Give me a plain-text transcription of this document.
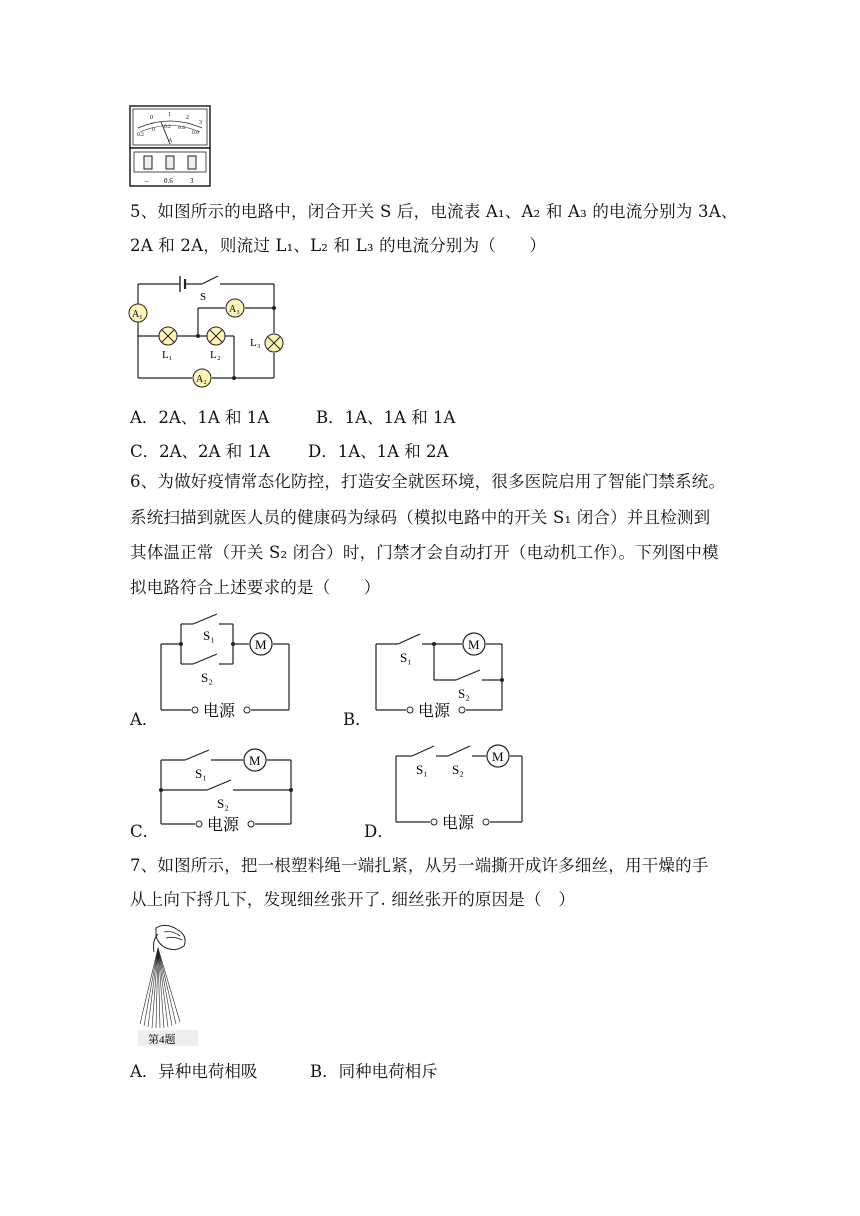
0	1	2
3
0.2
0 0.2 0.4
0.6
A
– 0.6 3
5、如图所示的电路中，闭合开关 S 后，电流表 A₁、A₂ 和 A₃ 的电流分别为 3A、
2A 和 2A，则流过 L₁、L₂ 和 L₃ 的电流分别为（　　）
A₁	A₃
A₂
L₁	L₂
L₃
S
A．2A、1A 和 1A	B．1A、1A 和 1A
C．2A、2A 和 1A D．1A、1A 和 2A
6、为做好疫情常态化防控，打造安全就医环境，很多医院启用了智能门禁系统。
系统扫描到就医人员的健康码为绿码（模拟电路中的开关 S₁ 闭合）并且检测到
其体温正常（开关 S₂ 闭合）时，门禁才会自动打开（电动机工作）。下列图中模
拟电路符合上述要求的是（　　）
A．
M
S₁
S₂
电源	B．
M
S₁
S₂
电源
C．
M
S₁
S₂
电源	D．
M
S₁ S₂
电源
7、如图所示，把一根塑料绳一端扎紧，从另一端撕开成许多细丝，用干燥的手
从上向下捋几下，发现细丝张开了. 细丝张开的原因是（　）
第4题
A．异种电荷相吸	B．同种电荷相斥
